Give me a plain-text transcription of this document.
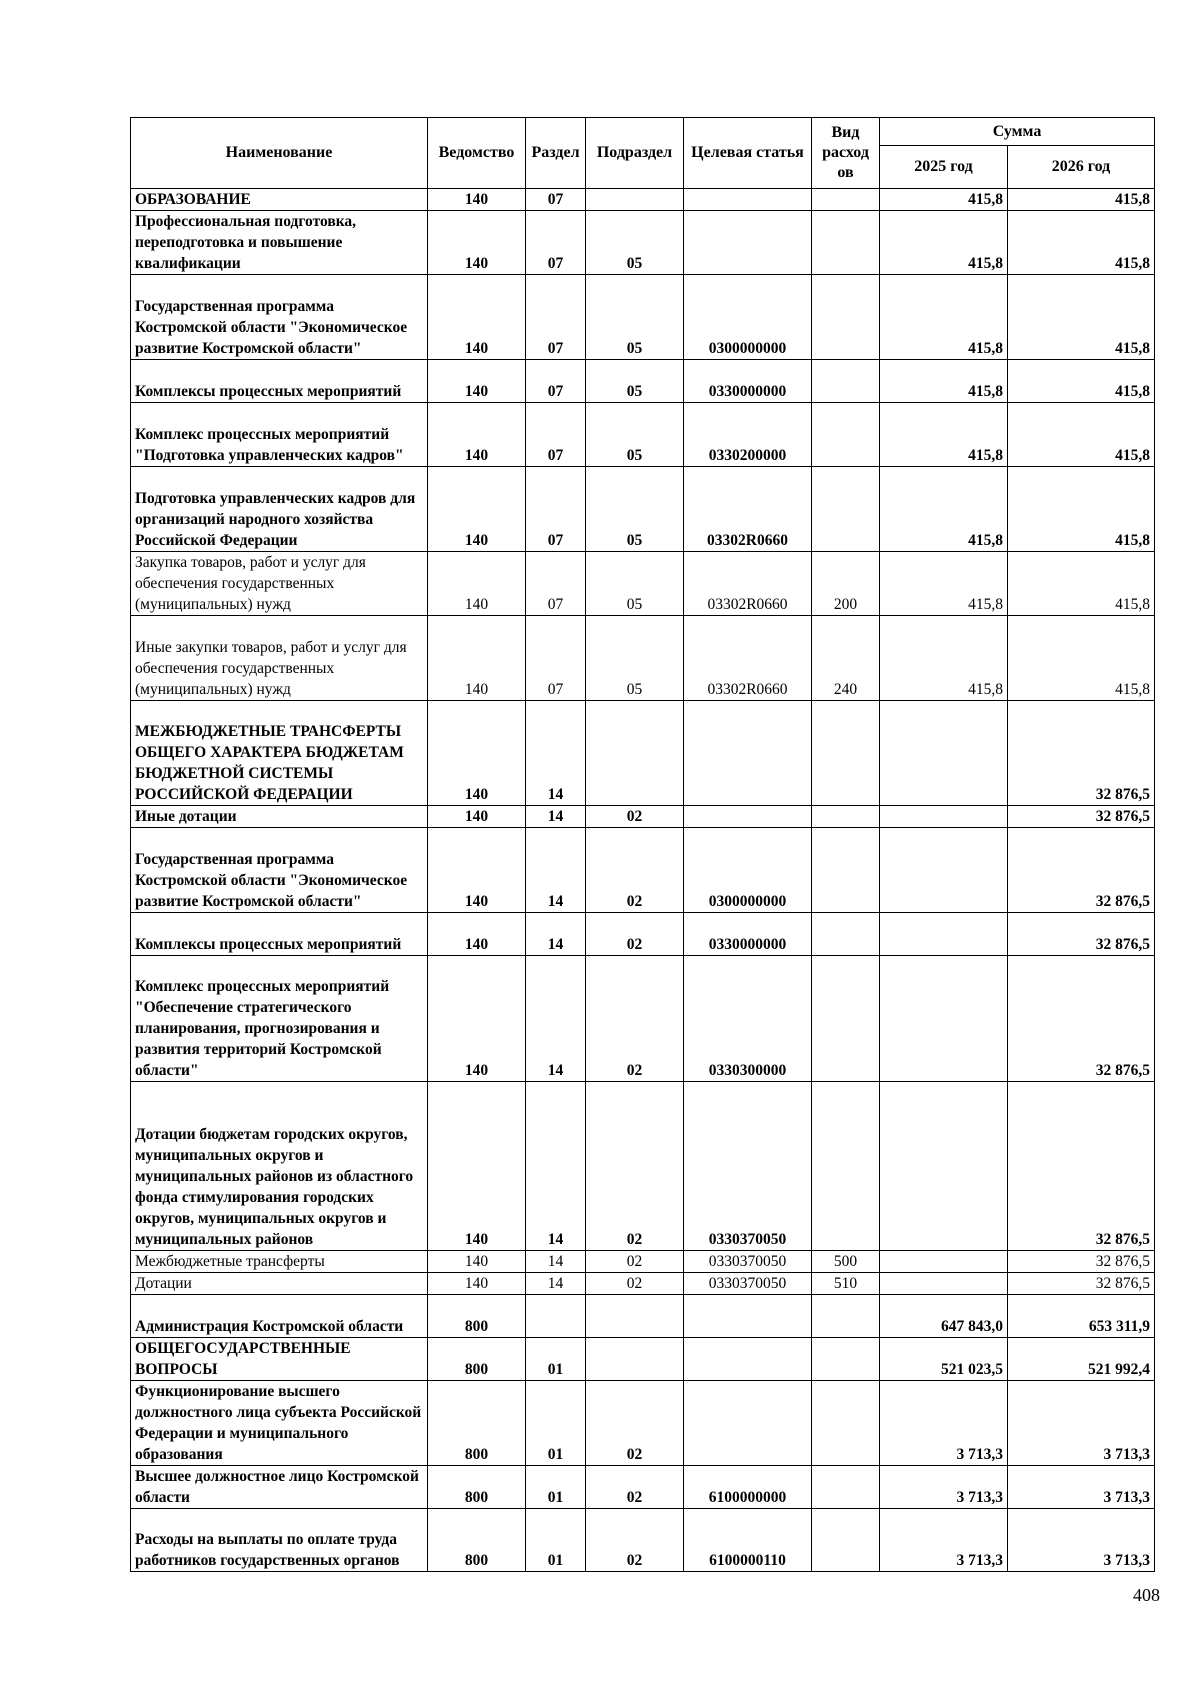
Наименование	Ведомство	Раздел	Подраздел	Целевая статья	Вид расход ов	Сумма	
						2025 год	2026 год
ОБРАЗОВАНИЕ	140	07				415,8	415,8
Профессиональная подготовка, переподготовка и повышение квалификации	140	07	05			415,8	415,8
Государственная программа Костромской области "Экономическое развитие Костромской области"	140	07	05	0300000000		415,8	415,8
Комплексы процессных мероприятий	140	07	05	0330000000		415,8	415,8
Комплекс процессных мероприятий "Подготовка управленческих кадров"	140	07	05	0330200000		415,8	415,8
Подготовка управленческих кадров для организаций народного хозяйства Российской Федерации	140	07	05	03302R0660		415,8	415,8
Закупка товаров, работ и услуг для обеспечения государственных (муниципальных) нужд	140	07	05	03302R0660	200	415,8	415,8
Иные закупки товаров, работ и услуг для обеспечения государственных (муниципальных) нужд	140	07	05	03302R0660	240	415,8	415,8
МЕЖБЮДЖЕТНЫЕ ТРАНСФЕРТЫ ОБЩЕГО ХАРАКТЕРА БЮДЖЕТАМ БЮДЖЕТНОЙ СИСТЕМЫ РОССИЙСКОЙ ФЕДЕРАЦИИ	140	14					32 876,5
Иные дотации	140	14	02				32 876,5
Государственная программа Костромской области "Экономическое развитие Костромской области"	140	14	02	0300000000			32 876,5
Комплексы процессных мероприятий	140	14	02	0330000000			32 876,5
Комплекс процессных мероприятий "Обеспечение стратегического планирования, прогнозирования и развития территорий Костромской области"	140	14	02	0330300000			32 876,5
Дотации бюджетам городских округов, муниципальных округов и муниципальных районов из областного фонда стимулирования городских округов, муниципальных округов и муниципальных районов	140	14	02	0330370050			32 876,5
Межбюджетные трансферты	140	14	02	0330370050	500		32 876,5
Дотации	140	14	02	0330370050	510		32 876,5
Администрация Костромской области	800					647 843,0	653 311,9
ОБЩЕГОСУДАРСТВЕННЫЕ ВОПРОСЫ	800	01				521 023,5	521 992,4
Функционирование высшего должностного лица субъекта Российской Федерации и муниципального образования	800	01	02			3 713,3	3 713,3
Высшее должностное лицо Костромской области	800	01	02	6100000000		3 713,3	3 713,3
Расходы на выплаты по оплате труда работников государственных органов	800	01	02	6100000110		3 713,3	3 713,3
408
